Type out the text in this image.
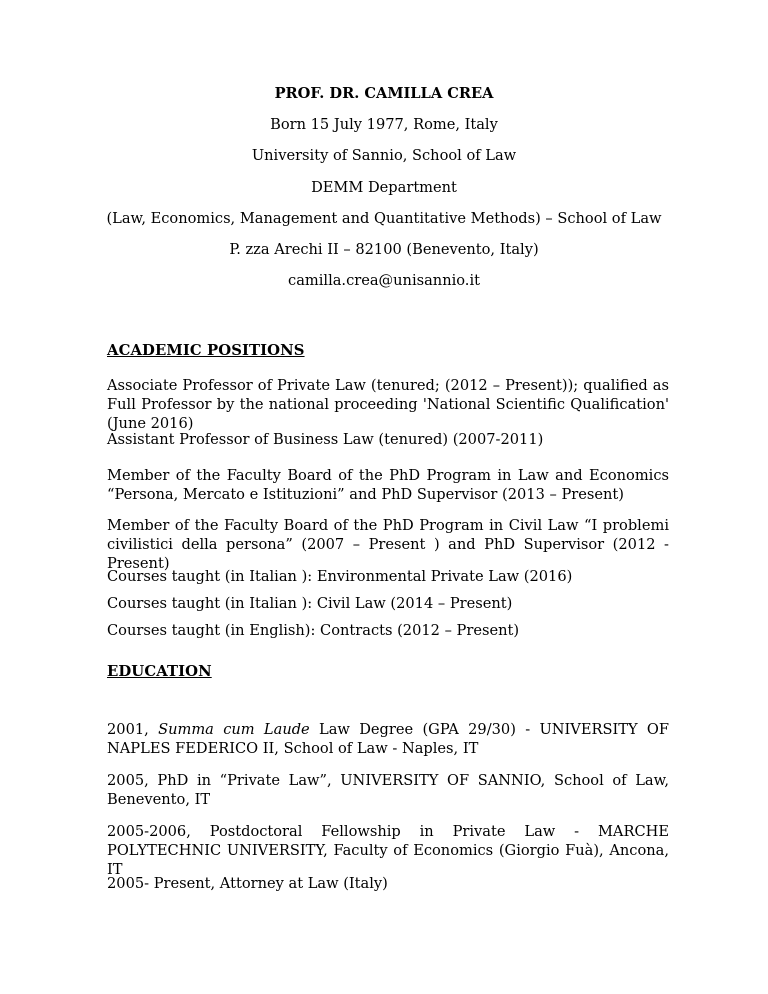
PROF. DR. CAMILLA CREA
Born 15 July 1977, Rome, Italy
University of Sannio, School of Law
DEMM Department
(Law, Economics, Management and Quantitative Methods) – School of Law
P. zza Arechi II – 82100 (Benevento, Italy)
camilla.crea@unisannio.it
ACADEMIC POSITIONS

Associate Professor of Private Law (tenured; (2012 – Present)); qualified as Full Professor by the national proceeding 'National Scientific Qualification' (June 2016)

Assistant Professor of Business Law (tenured) (2007-2011)

Member of the Faculty Board of the PhD Program in Law and Economics “Persona, Mercato e Istituzioni” and PhD Supervisor (2013 – Present)

Member of the Faculty Board of the PhD Program in Civil Law “I problemi civilistici della persona” (2007 – Present ) and PhD Supervisor (2012 - Present)

Courses taught (in Italian ): Environmental Private Law (2016)

Courses taught (in Italian ): Civil Law (2014 – Present)

Courses taught (in English): Contracts (2012 – Present)

EDUCATION

2001, Summa cum Laude Law Degree (GPA 29/30) - UNIVERSITY OF NAPLES FEDERICO II, School of Law - Naples, IT

2005, PhD in “Private Law”, UNIVERSITY OF SANNIO, School of Law, Benevento, IT

2005-2006, Postdoctoral Fellowship in Private Law - MARCHE POLYTECHNIC UNIVERSITY, Faculty of Economics (Giorgio Fuà), Ancona, IT

2005- Present, Attorney at Law (Italy)
